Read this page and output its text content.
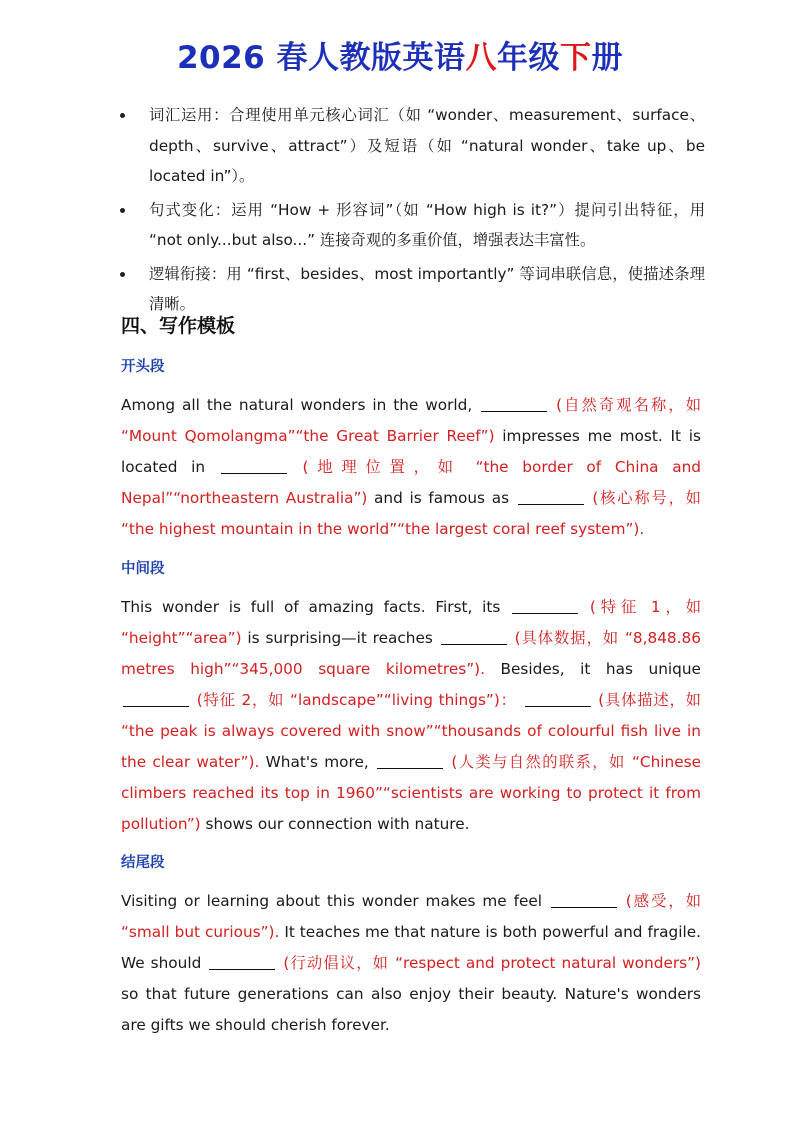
2026 春人教版英语八年级下册
词汇运用：合理使用单元核心词汇（如 “wonder、measurement、surface、depth、survive、attract”）及短语（如 “natural wonder、take up、be located in”）。
句式变化：运用 “How + 形容词”（如 “How high is it?”）提问引出特征，用 “not only...but also...” 连接奇观的多重价值，增强表达丰富性。
逻辑衔接：用 “first、besides、most importantly” 等词串联信息，使描述条理清晰。
四、写作模板
开头段
Among all the natural wonders in the world,	(自然奇观名称，如 “Mount Qomolangma”“the Great Barrier Reef”) impresses me most. It is located in	(地理位置，如 “the border of China and Nepal”“northeastern Australia”) and is famous as	(核心称号，如 “the highest mountain in the world”“the largest coral reef system”).
中间段
This wonder is full of amazing facts. First, its	(特征 1，如 “height”“area”) is surprising—it reaches	(具体数据，如 “8,848.86 metres high”“345,000 square kilometres”). Besides, it has unique  (特征 2，如 “landscape”“living things”)：	(具体描述，如 “the peak is always covered with snow”“thousands of colourful fish live in the clear water”). What's more,	(人类与自然的联系，如 “Chinese climbers reached its top in 1960”“scientists are working to protect it from pollution”) shows our connection with nature.
结尾段
Visiting or learning about this wonder makes me feel	(感受，如 “small but curious”). It teaches me that nature is both powerful and fragile. We should	(行动倡议，如 “respect and protect natural wonders”) so that future generations can also enjoy their beauty. Nature's wonders are gifts we should cherish forever.
